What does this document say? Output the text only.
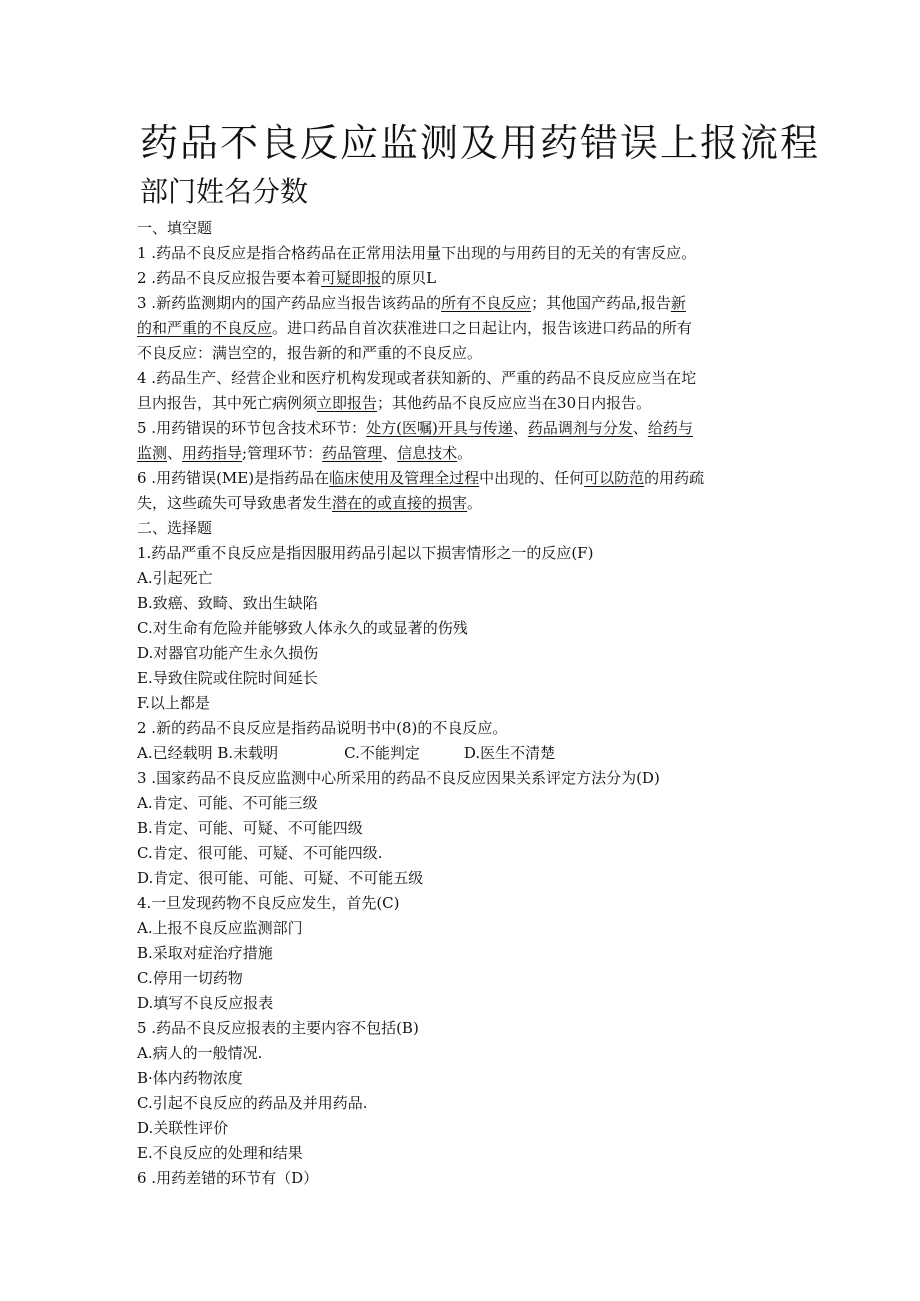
药品不良反应监测及用药错误上报流程
部门姓名分数
一、填空题
1 .药品不良反应是指合格药品在正常用法用量下出现的与用药目的无关的有害反应。
2 .药品不良反应报告要本着可疑即报的原贝L
3 .新药监测期内的国产药品应当报告该药品的所有不良反应；其他国产药品,报告新
的和严重的不良反应。进口药品自首次获准进口之日起让内，报告该进口药品的所有
不良反应：满岂空的，报告新的和严重的不良反应。
4 .药品生产、经营企业和医疗机构发现或者获知新的、严重的药品不良反应应当在坨
旦内报告，其中死亡病例须立即报告；其他药品不良反应应当在30日内报告。
5 .用药错误的环节包含技术环节：处方(医嘱)开具与传递、药品调剂与分发、给药与
监测、用药指导;管理环节：药品管理、信息技术。
6 .用药错误(ME)是指药品在临床使用及管理全过程中出现的、任何可以防范的用药疏
失，这些疏失可导致患者发生潜在的或直接的损害。
二、选择题
1.药品严重不良反应是指因服用药品引起以下损害情形之一的反应(F)
A.引起死亡
B.致癌、致畸、致出生缺陷
C.对生命有危险并能够致人体永久的或显著的伤残
D.对器官功能产生永久损伤
E.导致住院或住院时间延长
F.以上都是
2 .新的药品不良反应是指药品说明书中(8)的不良反应。
A.已经载明 B.未载明	C.不能判定	D.医生不清楚
3 .国家药品不良反应监测中心所采用的药品不良反应因果关系评定方法分为(D)
A.肯定、可能、不可能三级
B.肯定、可能、可疑、不可能四级
C.肯定、很可能、可疑、不可能四级.
D.肯定、很可能、可能、可疑、不可能五级
4.一旦发现药物不良反应发生，首先(C)
A.上报不良反应监测部门
B.采取对症治疗措施
C.停用一切药物
D.填写不良反应报表
5 .药品不良反应报表的主要内容不包括(B)
A.病人的一般情况.
B·体内药物浓度
C.引起不良反应的药品及并用药品.
D.关联性评价
E.不良反应的处理和结果
6 .用药差错的环节有（D）
